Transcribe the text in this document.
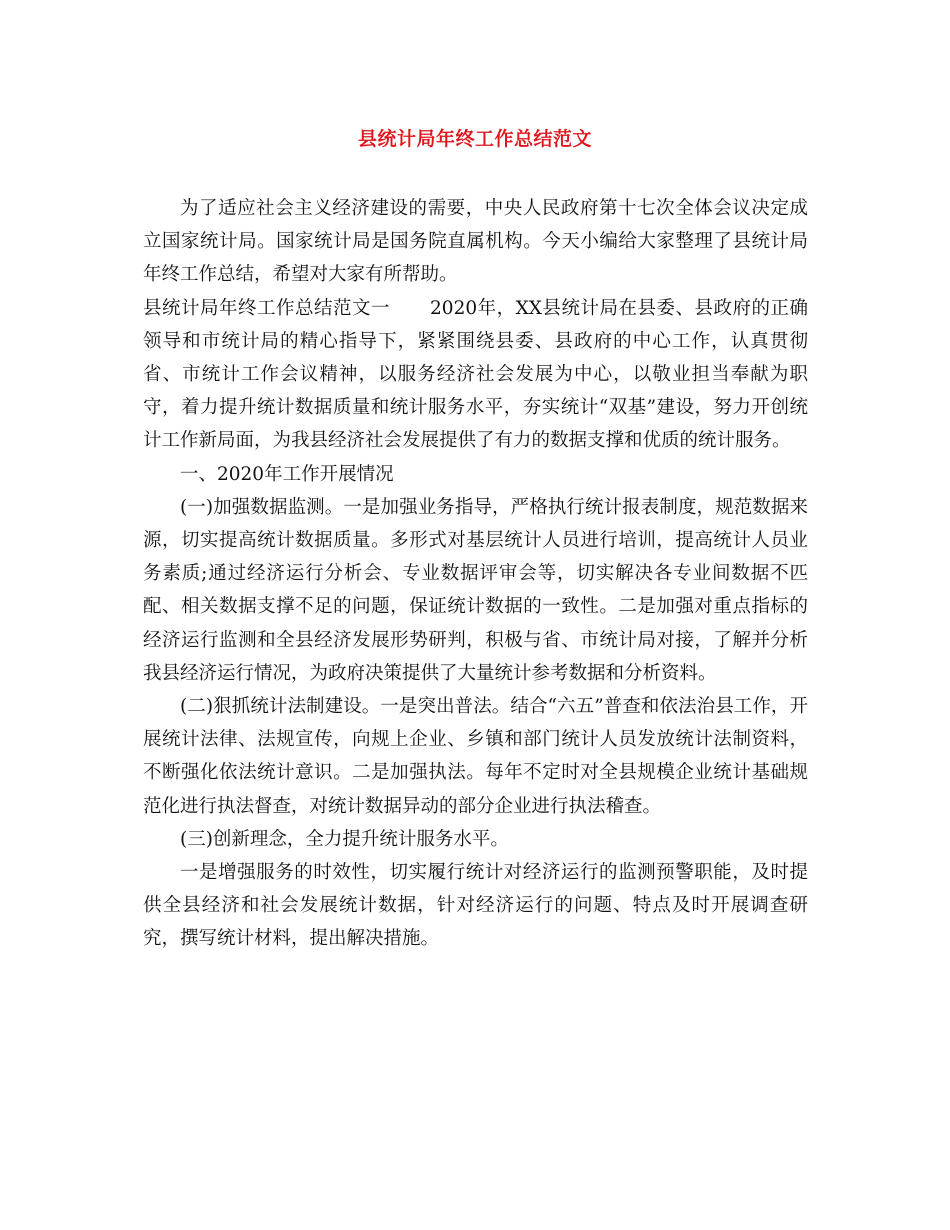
县统计局年终工作总结范文

为了适应社会主义经济建设的需要，中央人民政府第十七次全体会议决定成立国家统计局。国家统计局是国务院直属机构。今天小编给大家整理了县统计局年终工作总结，希望对大家有所帮助。

县统计局年终工作总结范文一 2020年，XX县统计局在县委、县政府的正确领导和市统计局的精心指导下，紧紧围绕县委、县政府的中心工作，认真贯彻省、市统计工作会议精神，以服务经济社会发展为中心，以敬业担当奉献为职守，着力提升统计数据质量和统计服务水平，夯实统计“双基”建设，努力开创统计工作新局面，为我县经济社会发展提供了有力的数据支撑和优质的统计服务。

一、2020年工作开展情况

(一)加强数据监测。一是加强业务指导，严格执行统计报表制度，规范数据来源，切实提高统计数据质量。多形式对基层统计人员进行培训，提高统计人员业务素质;通过经济运行分析会、专业数据评审会等，切实解决各专业间数据不匹配、相关数据支撑不足的问题，保证统计数据的一致性。二是加强对重点指标的经济运行监测和全县经济发展形势研判，积极与省、市统计局对接，了解并分析我县经济运行情况，为政府决策提供了大量统计参考数据和分析资料。

(二)狠抓统计法制建设。一是突出普法。结合“六五”普查和依法治县工作，开展统计法律、法规宣传，向规上企业、乡镇和部门统计人员发放统计法制资料，不断强化依法统计意识。二是加强执法。每年不定时对全县规模企业统计基础规范化进行执法督查，对统计数据异动的部分企业进行执法稽查。

(三)创新理念，全力提升统计服务水平。

一是增强服务的时效性，切实履行统计对经济运行的监测预警职能，及时提供全县经济和社会发展统计数据，针对经济运行的问题、特点及时开展调查研究，撰写统计材料，提出解决措施。
